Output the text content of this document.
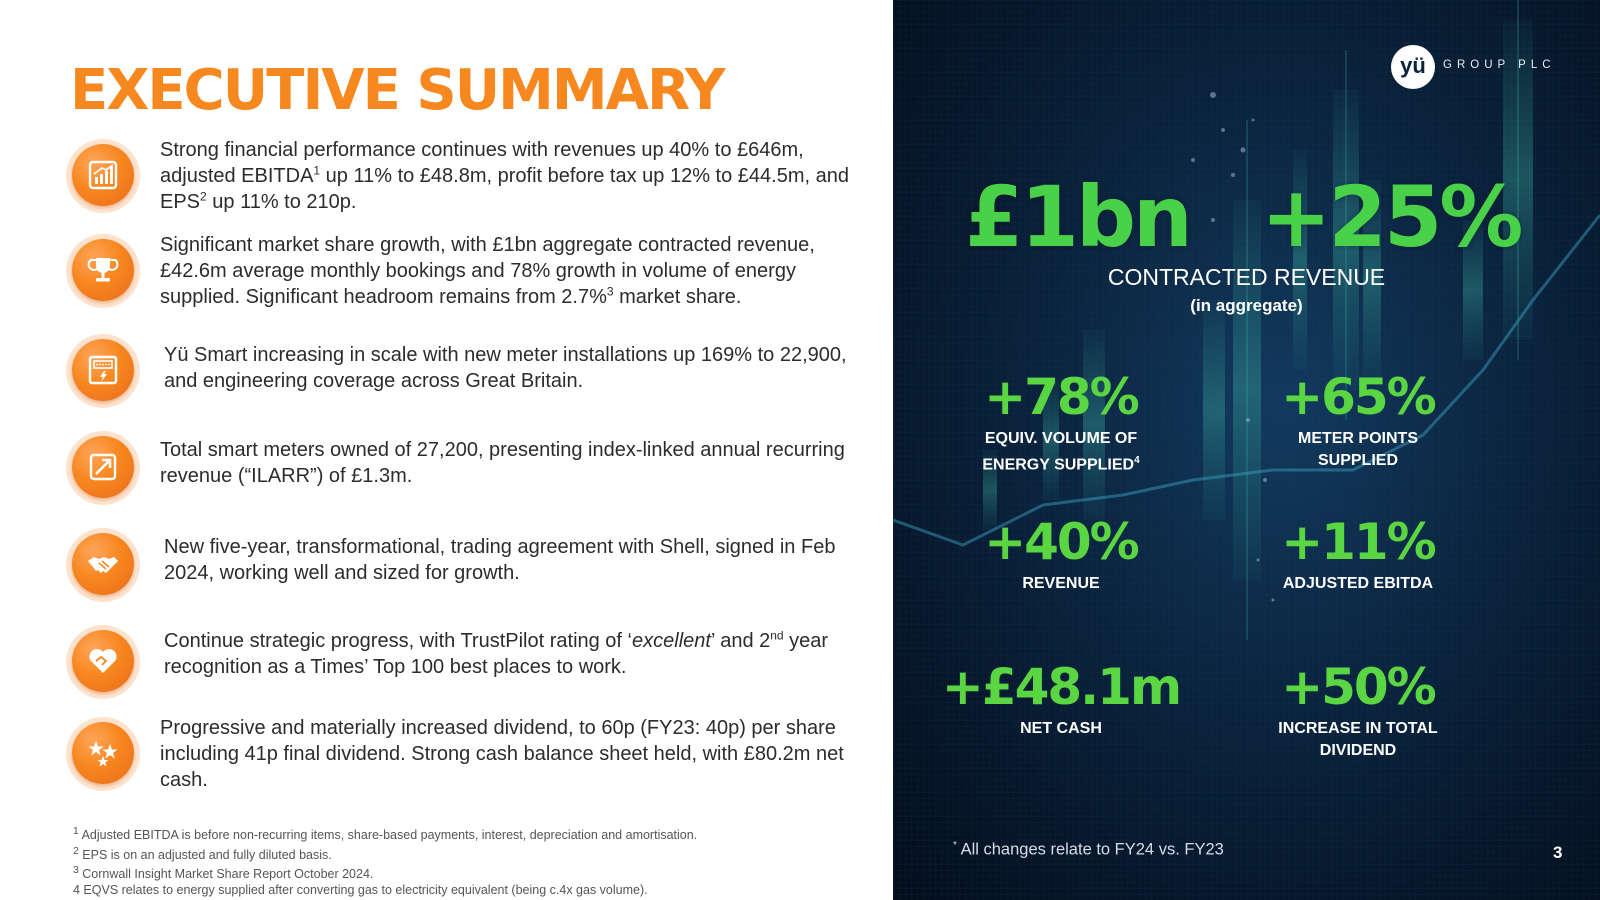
EXECUTIVE SUMMARY
Strong financial performance continues with revenues up 40% to £646m, adjusted EBITDA$^1$ up 11% to £48.8m, profit before tax up 12% to £44.5m, and EPS$^2$ up 11% to 210p.
Significant market share growth, with £1bn aggregate contracted revenue, £42.6m average monthly bookings and 78% growth in volume of energy supplied. Significant headroom remains from 2.7%$^3$ market share.
Yü Smart increasing in scale with new meter installations up 169% to 22,900, and engineering coverage across Great Britain.
Total smart meters owned of 27,200, presenting index-linked annual recurring revenue (“ILARR”) of £1.3m.
New five-year, transformational, trading agreement with Shell, signed in Feb 2024, working well and sized for growth.
Continue strategic progress, with TrustPilot rating of ‘excellent’ and 2nd year recognition as a Times’ Top 100 best places to work.
Progressive and materially increased dividend, to 60p (FY23: 40p) per share including 41p final dividend. Strong cash balance sheet held, with £80.2m net cash.
$^1$ Adjusted EBITDA is before non-recurring items, share-based payments, interest, depreciation and amortisation.
$^2$ EPS is on an adjusted and fully diluted basis.
$^3$ Cornwall Insight Market Share Report October 2024.
4 EQVS relates to energy supplied after converting gas to electricity equivalent (being c.4x gas volume).
yü	GROUP PLC
£1bn +25%
CONTRACTED REVENUE
(in aggregate)
+78%
EQUIV. VOLUME OF
ENERGY $SUPPLIED^4$
+65%
METER POINTS
SUPPLIED
+40%
REVENUE
+11%
ADJUSTED EBITDA
+£48.1m
NET CASH
+50%
INCREASE IN TOTAL
DIVIDEND
* All changes relate to FY24 vs. FY23	3
